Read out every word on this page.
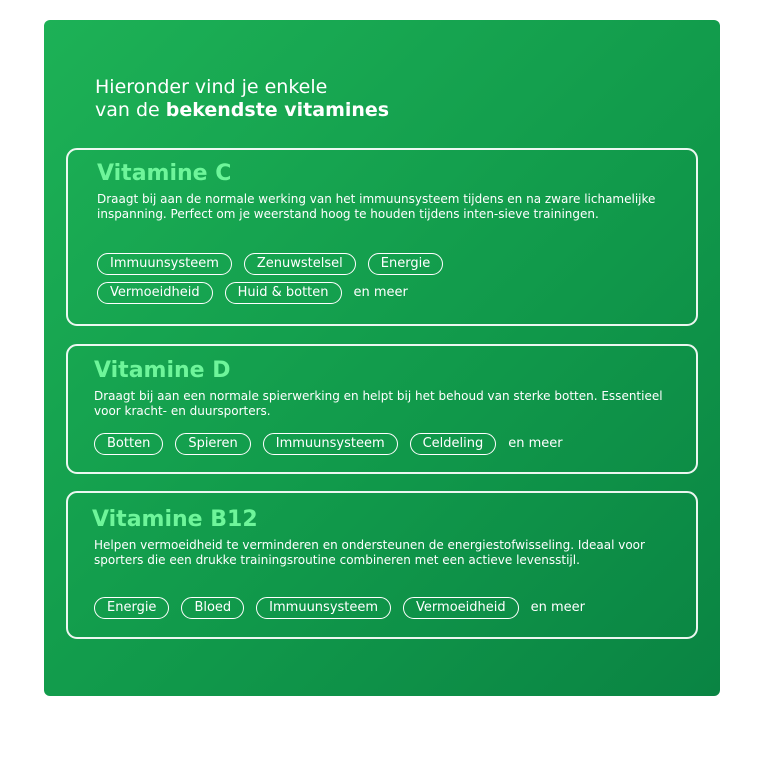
Hieronder vind je enkele
van de bekendste vitamines
Vitamine C
Draagt bij aan de normale werking van het immuunsysteem tijdens en na zware lichamelijke inspanning. Perfect om je weerstand hoog te houden tijdens inten-sieve trainingen.
Immuunsysteem	Zenuwstelsel	Energie
Vermoeidheid	Huid & botten	en meer
Vitamine D
Draagt bij aan een normale spierwerking en helpt bij het behoud van sterke botten. Essentieel voor kracht- en duursporters.
Botten	Spieren	Immuunsysteem	Celdeling	en meer
Vitamine B12
Helpen vermoeidheid te verminderen en ondersteunen de energiestofwisseling. Ideaal voor sporters die een drukke trainingsroutine combineren met een actieve levensstijl.
Energie	Bloed	Immuunsysteem	Vermoeidheid	en meer
